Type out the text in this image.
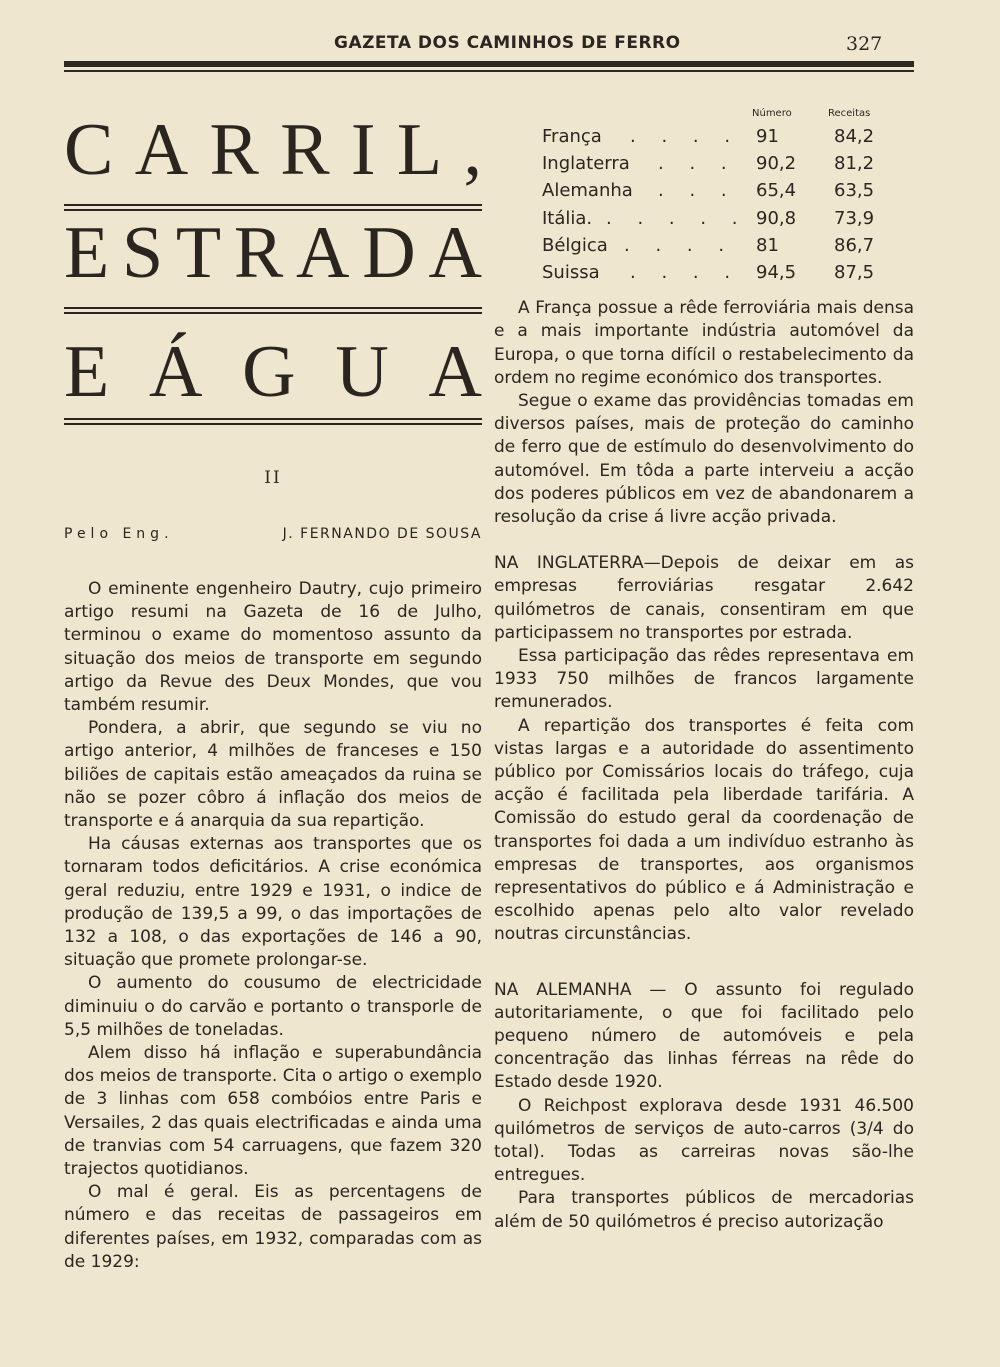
GAZETA DOS CAMINHOS DE FERRO	327
C A R R I L ,
E S T R A D A
E Á G U A
II
Pelo Eng.	J. FERNANDO DE SOUSA

O eminente engenheiro Dautry, cujo primeiro artigo resumi na Gazeta de 16 de Julho, terminou o exame do momentoso assunto da situação dos meios de transporte em segundo artigo da Revue des Deux Mondes, que vou também resumir.

Pondera, a abrir, que segundo se viu no artigo anterior, 4 milhões de franceses e 150 biliões de capitais estão ameaçados da ruina se não se pozer côbro á inflação dos meios de transporte e á anarquia da sua repartição.

Ha cáusas externas aos transportes que os tornaram todos deficitários. A crise económica geral reduziu, entre 1929 e 1931, o indice de produção de 139,5 a 99, o das importações de 132 a 108, o das exportações de 146 a 90, situação que promete prolongar-se.

O aumento do cousumo de electricidade diminuiu o do carvão e portanto o transporle de 5,5 milhões de toneladas.

Alem disso há inflação e superabundância dos meios de transporte. Cita o artigo o exemplo de 3 linhas com 658 combóios entre Paris e Versailes, 2 das quais electrificadas e ainda uma de tranvias com 54 carruagens, que fazem 320 trajectos quotidianos.

O mal é geral. Eis as percentagens de número e das receitas de passageiros em diferentes países, em 1932, comparadas com as de 1929:

Número	Receitas
França . . . . 91	84,2
Inglaterra . . . 90,2 81,2
Alemanha . . . 65,4 63,5
Itália. . . . . . 90,8 73,9
Bélgica . . . . 81	86,7
Suissa . . . . 94,5 87,5

A França possue a rêde ferroviária mais densa e a mais importante indústria automóvel da Europa, o que torna difícil o restabelecimento da ordem no regime económico dos transportes.

Segue o exame das providências tomadas em diversos países, mais de proteção do caminho de ferro que de estímulo do desenvolvimento do automóvel. Em tôda a parte interveiu a acção dos poderes públicos em vez de abandonarem a resolução da crise á livre acção privada.

NA INGLATERRA—Depois de deixar em as empresas ferroviárias resgatar 2.642 quilómetros de canais, consentiram em que participassem no transportes por estrada.

Essa participação das rêdes representava em 1933 750 milhões de francos largamente remunerados.

A repartição dos transportes é feita com vistas largas e a autoridade do assentimento público por Comissários locais do tráfego, cuja acção é facilitada pela liberdade tarifária. A Comissão do estudo geral da coordenação de transportes foi dada a um indivíduo estranho às empresas de transportes, aos organismos representativos do público e á Administração e escolhido apenas pelo alto valor revelado noutras circunstâncias.

NA ALEMANHA — O assunto foi regulado autoritariamente, o que foi facilitado pelo pequeno número de automóveis e pela concentração das linhas férreas na rêde do Estado desde 1920.

O Reichpost explorava desde 1931 46.500 quilómetros de serviços de auto-carros (3/4 do total). Todas as carreiras novas são-lhe entregues.

Para transportes públicos de mercadorias além de 50 quilómetros é preciso autorização
